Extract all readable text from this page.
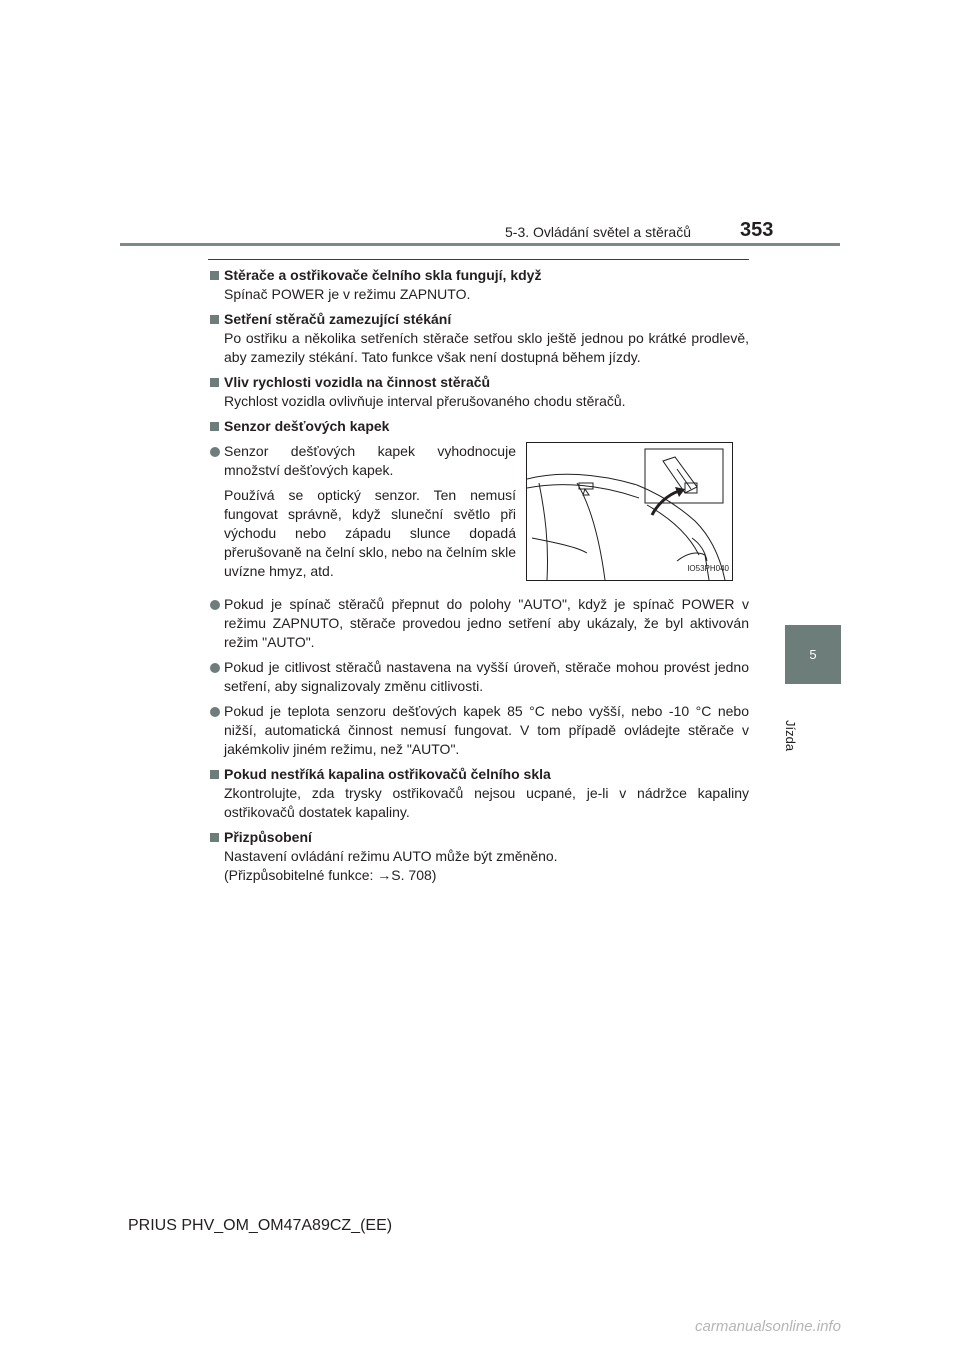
5-3. Ovládání světel a stěračů 353
5
Jízda
Stěrače a ostřikovače čelního skla fungují, když
Spínač POWER je v režimu ZAPNUTO.
Setření stěračů zamezující stékání
Po ostřiku a několika setřeních stěrače setřou sklo ještě jednou po krátké prodlevě, aby zamezily stékání. Tato funkce však není dostupná během jízdy.
Vliv rychlosti vozidla na činnost stěračů
Rychlost vozidla ovlivňuje interval přerušovaného chodu stěračů.
Senzor dešťových kapek

Senzor dešťových kapek vyhodnocuje množství dešťových kapek.

Používá se optický senzor. Ten nemusí fungovat správně, když sluneční světlo při východu nebo západu slunce dopadá přerušovaně na čelní sklo, nebo na čelním skle uvízne hmyz, atd.	IO53PH040
Pokud je spínač stěračů přepnut do polohy "AUTO", když je spínač POWER v režimu ZAPNUTO, stěrače provedou jedno setření aby ukázaly, že byl aktivován režim "AUTO".
Pokud je citlivost stěračů nastavena na vyšší úroveň, stěrače mohou provést jedno setření, aby signalizovaly změnu citlivosti.
Pokud je teplota senzoru dešťových kapek 85 °C nebo vyšší, nebo -10 °C nebo nižší, automatická činnost nemusí fungovat. V tom případě ovládejte stěrače v jakémkoliv jiném režimu, než "AUTO".
Pokud nestříká kapalina ostřikovačů čelního skla
Zkontrolujte, zda trysky ostřikovačů nejsou ucpané, je-li v nádržce kapaliny ostřikovačů dostatek kapaliny.
Přizpůsobení
Nastavení ovládání režimu AUTO může být změněno.
(Přizpůsobitelné funkce: →S. 708)
PRIUS PHV_OM_OM47A89CZ_(EE)
carmanualsonline.info
